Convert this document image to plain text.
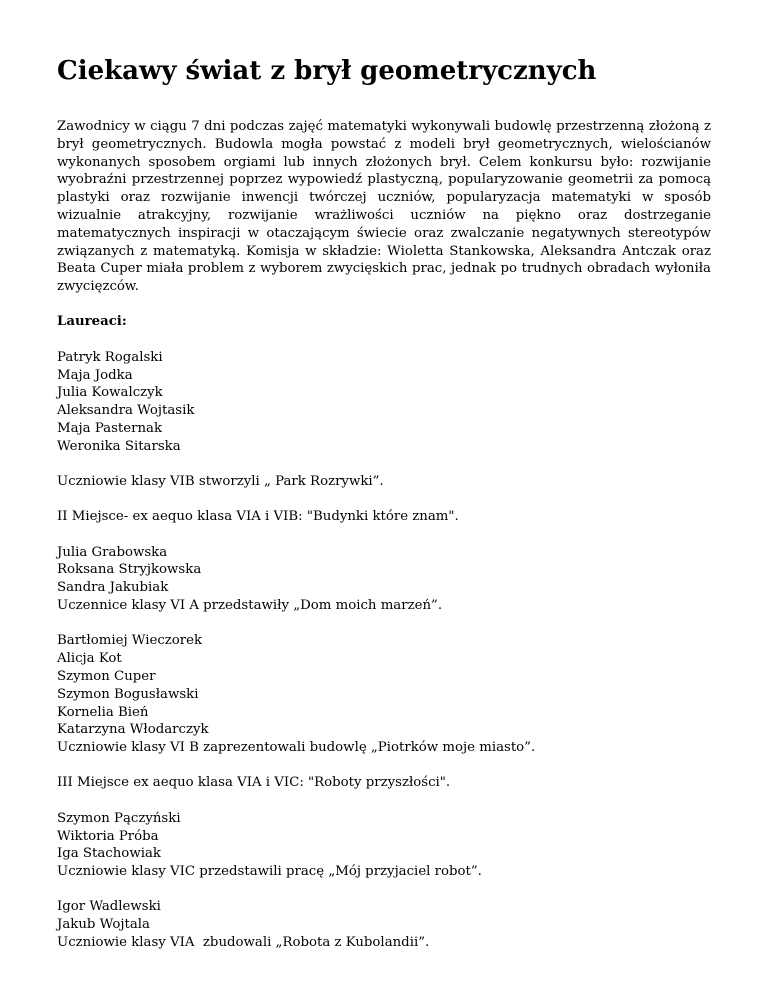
Ciekawy świat z brył geometrycznych

Zawodnicy w ciągu 7 dni podczas zajęć matematyki wykonywali budowlę przestrzenną złożoną z brył geometrycznych. Budowla mogła powstać z modeli brył geometrycznych, wielościanów wykonanych sposobem orgiami lub innych złożonych brył. Celem konkursu było: rozwijanie wyobraźni przestrzennej poprzez wypowiedź plastyczną, popularyzowanie geometrii za pomocą plastyki oraz rozwijanie inwencji twórczej uczniów, popularyzacja matematyki w sposób wizualnie atrakcyjny, rozwijanie wrażliwości uczniów na piękno oraz dostrzeganie matematycznych inspiracji w otaczającym świecie oraz zwalczanie negatywnych stereotypów związanych z matematyką. Komisja w składzie: Wioletta Stankowska, Aleksandra Antczak oraz Beata Cuper miała problem z wyborem zwycięskich prac, jednak po trudnych obradach wyłoniła zwycięzców.

Laureaci:

Patryk Rogalski
Maja Jodka
Julia Kowalczyk
Aleksandra Wojtasik
Maja Pasternak
Weronika Sitarska

Uczniowie klasy VIB stworzyli „ Park Rozrywki”.

II Miejsce- ex aequo klasa VIA i VIB: "Budynki które znam".

Julia Grabowska
Roksana Stryjkowska
Sandra Jakubiak
Uczennice klasy VI A przedstawiły „Dom moich marzeń”.

Bartłomiej Wieczorek
Alicja Kot
Szymon Cuper
Szymon Bogusławski
Kornelia Bień
Katarzyna Włodarczyk
Uczniowie klasy VI B zaprezentowali budowlę „Piotrków moje miasto”.

III Miejsce ex aequo klasa VIA i VIC: "Roboty przyszłości".

Szymon Pączyński
Wiktoria Próba
Iga Stachowiak
Uczniowie klasy VIC przedstawili pracę „Mój przyjaciel robot”.

Igor Wadlewski
Jakub Wojtala
Uczniowie klasy VIA  zbudowali „Robota z Kubolandii”.
